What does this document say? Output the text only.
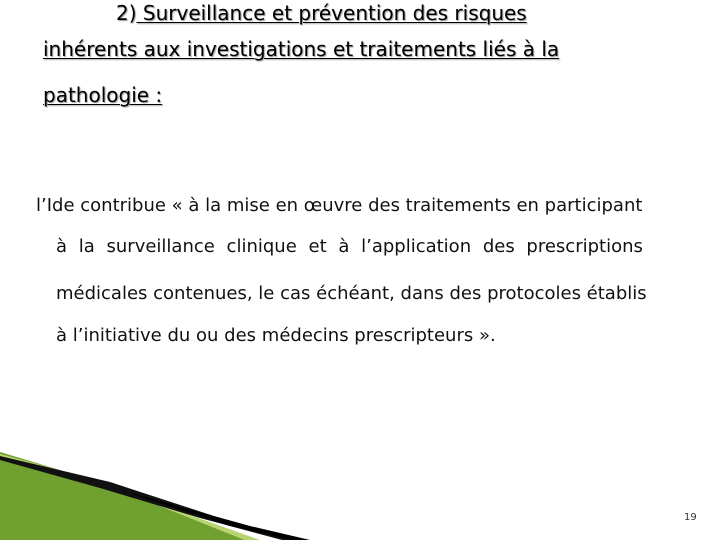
2) Surveillance et prévention des risques
inhérents aux investigations et traitements liés à la
pathologie :
l’Ide contribue « à la mise en œuvre des traitements en participant
à la surveillance clinique et à l’application des prescriptions
médicales contenues, le cas échéant, dans des protocoles établis
à l’initiative du ou des médecins prescripteurs ».
19
